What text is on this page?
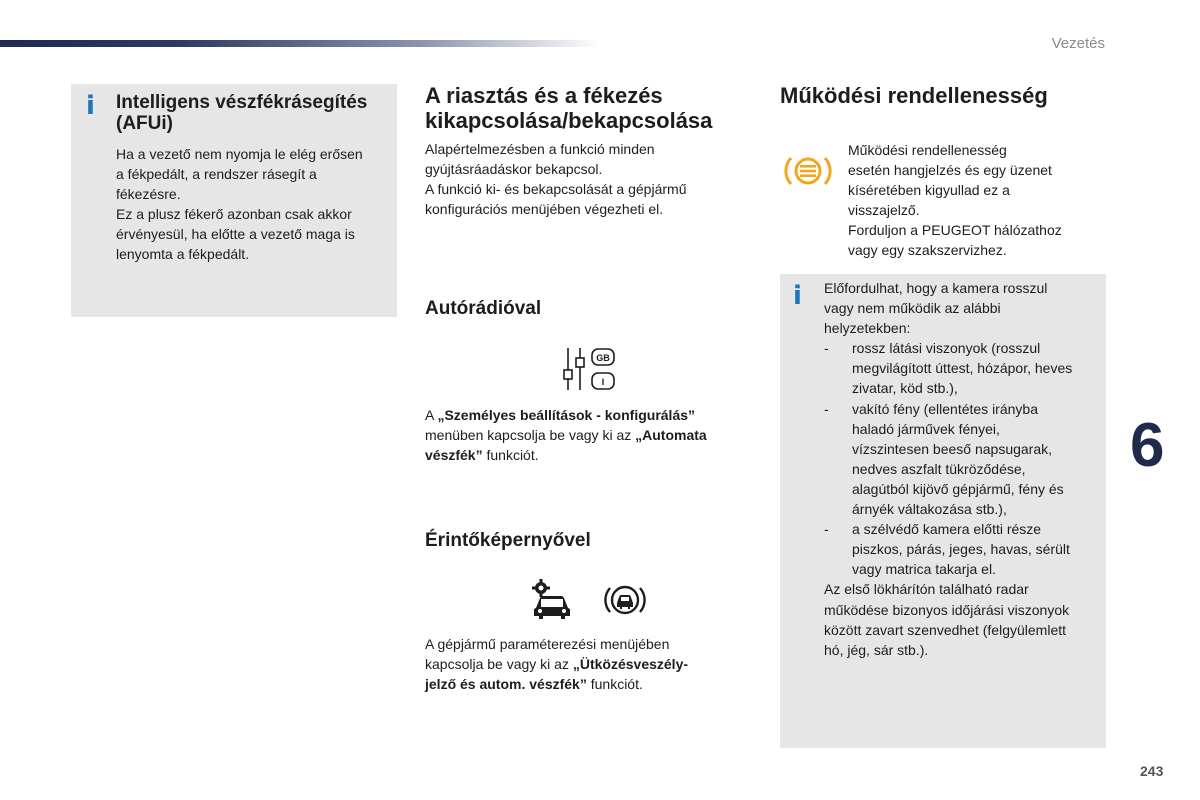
Vezetés
i Intelligens vészfékrásegítés
(AFUi)
Ha a vezető nem nyomja le elég erősen
a fékpedált, a rendszer rásegít a
fékezésre.
Ez a plusz fékerő azonban csak akkor
érvényesül, ha előtte a vezető maga is
lenyomta a fékpedált.
A riasztás és a fékezés
kikapcsolása/bekapcsolása
Alapértelmezésben a funkció minden
gyújtásráadáskor bekapcsol.
A funkció ki- és bekapcsolását a gépjármű
konfigurációs menüjében végezheti el.
Autórádióval
GB
I
A „Személyes beállítások - konfigurálás”
menüben kapcsolja be vagy ki az „Automata
vészfék” funkciót.
Érintőképernyővel
A gépjármű paraméterezési menüjében
kapcsolja be vagy ki az „Ütközésveszély-
jelző és autom. vészfék” funkciót.
Működési rendellenesség
Működési rendellenesség
esetén hangjelzés és egy üzenet
kíséretében kigyullad ez a
visszajelző.
Forduljon a PEUGEOT hálózathoz
vagy egy szakszervizhez.
i Előfordulhat, hogy a kamera rosszul
vagy nem működik az alábbi
helyzetekben:
- rossz látási viszonyok (rosszul
megvilágított úttest, hózápor, heves
zivatar, köd stb.),
- vakító fény (ellentétes irányba
haladó járművek fényei,
vízszintesen beeső napsugarak,
nedves aszfalt tükröződése,
alagútból kijövő gépjármű, fény és
árnyék váltakozása stb.),
- a szélvédő kamera előtti része
piszkos, párás, jeges, havas, sérült
vagy matrica takarja el.
Az első lökhárítón található radar
működése bizonyos időjárási viszonyok
között zavart szenvedhet (felgyülemlett
hó, jég, sár stb.).
6
243
